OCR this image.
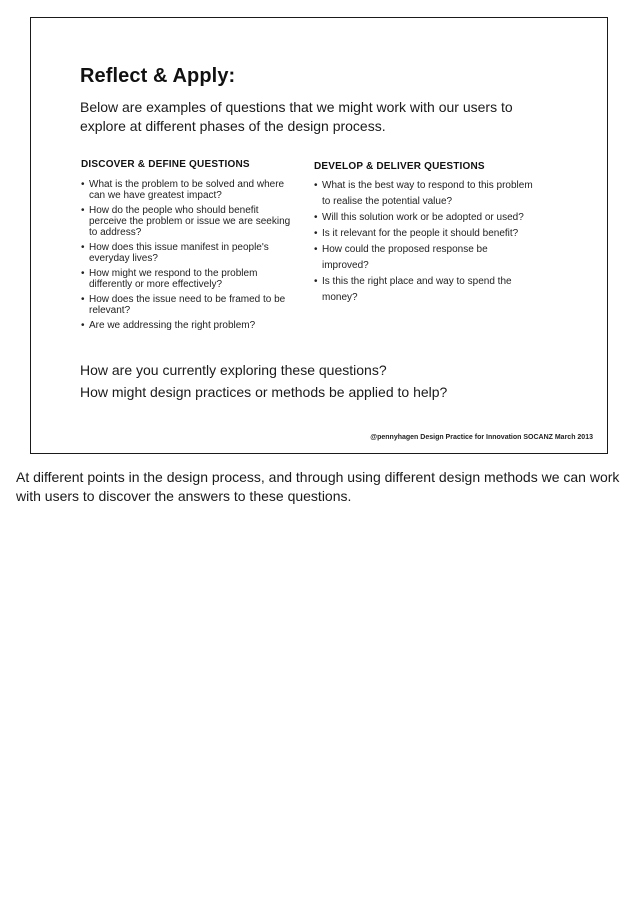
Reflect & Apply:
Below are examples of questions that we might work with our users to explore at different phases of the design process.
DISCOVER & DEFINE QUESTIONS
• What is the problem to be solved and where can we have greatest impact?
• How do the people who should benefit perceive the problem or issue we are seeking to address?
• How does this issue manifest in people's everyday lives?
• How might we respond to the problem differently or more effectively?
• How does the issue need to be framed to be relevant?
• Are we addressing the right problem?
DEVELOP & DELIVER QUESTIONS
• What is the best way to respond to this problem to realise the potential value?
• Will this solution work or be adopted or used?
• Is it relevant for the people it should benefit?
• How could the proposed response be improved?
• Is this the right place and way to spend the money?

How are you currently exploring these questions?

How might design practices or methods be applied to help?

@pennyhagen Design Practice for Innovation SOCANZ March 2013
At different points in the design process, and through using different design methods we can work with users to discover the answers to these questions.
